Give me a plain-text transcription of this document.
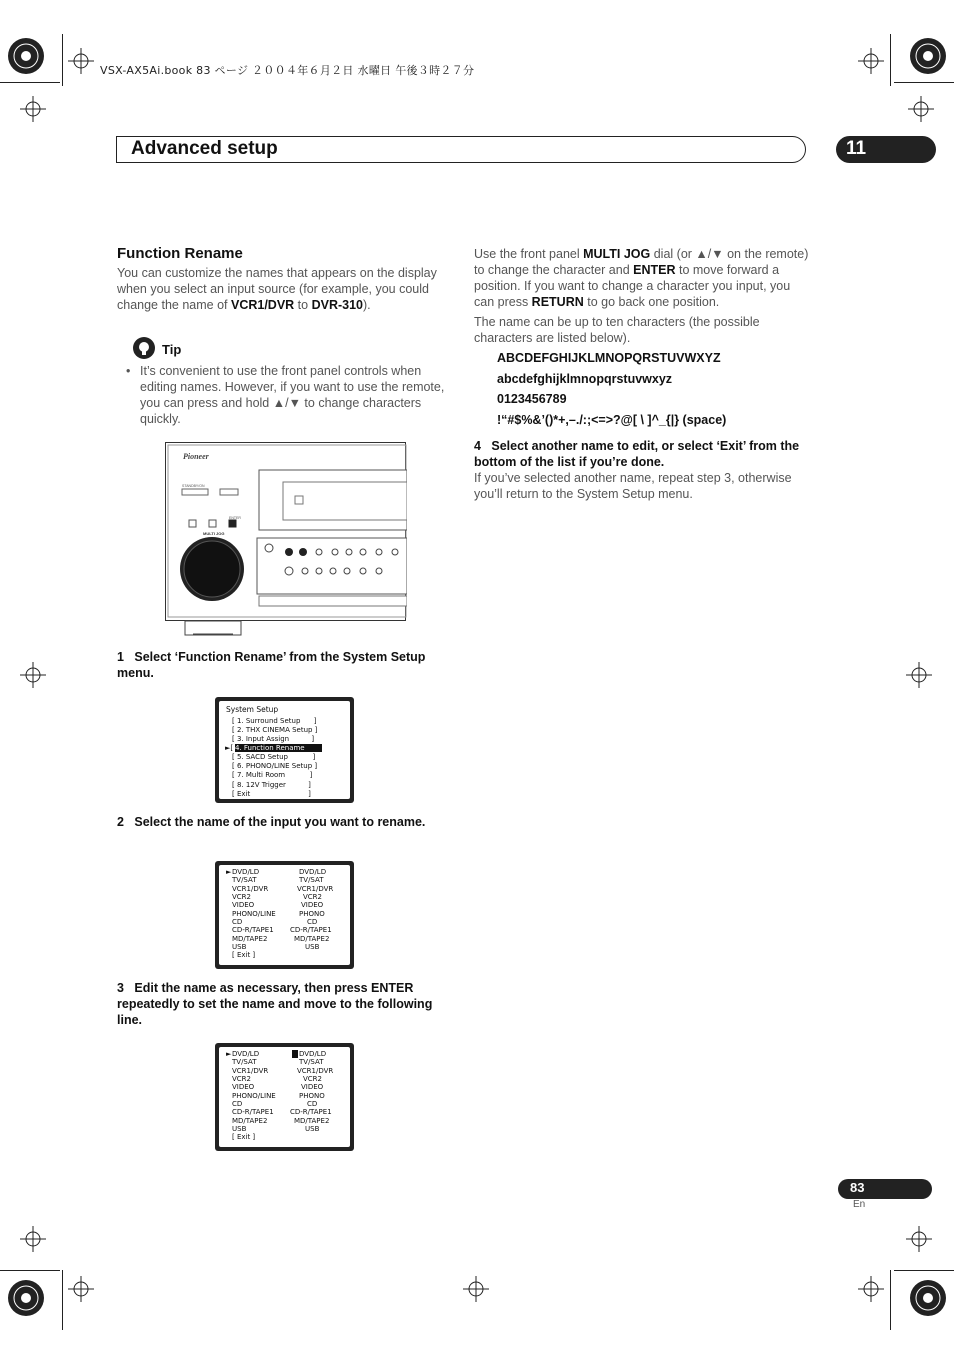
VSX-AX5Ai.book 83 ページ ２００４年６月２日 水曜日 午後３時２７分
Advanced setup	11
Function Rename
You can customize the names that appears on the display when you select an input source (for example, you could change the name of VCR1/DVR to DVR-310).
Tip
• It’s convenient to use the front panel controls when editing names. However, if you want to use the remote, you can press and hold ▲/▼ to change characters quickly.
Pioneer
STANDBY/ON
ENTER
MULTI JOG
1 Select ‘Function Rename’ from the System Setup menu.
System Setup
[ 1. Surround Setup      ]
[ 2. THX CINEMA Setup ]
[ 3. Input Assign          ]
►[ 4. Function Rename
[ 5. SACD Setup           ]
[ 6. PHONO/LINE Setup ]
[ 7. Multi Room           ]
[ 8. 12V Trigger          ]
[ Exit                          ]
2 Select the name of the input you want to rename.
► DVD/LD	DVD/LD
TV/SAT	TV/SAT
VCR1/DVR	VCR1/DVR
VCR2	VCR2
VIDEO	VIDEO
PHONO/LINE	PHONO
CD	CD
CD-R/TAPE1 CD-R/TAPE1
MD/TAPE2	MD/TAPE2
USB	USB
[ Exit ]
3 Edit the name as necessary, then press ENTER repeatedly to set the name and move to the following line.
► DVD/LD	DVD/LD
TV/SAT	TV/SAT
VCR1/DVR	VCR1/DVR
VCR2	VCR2
VIDEO	VIDEO
PHONO/LINE	PHONO
CD	CD
CD-R/TAPE1 CD-R/TAPE1
MD/TAPE2	MD/TAPE2
USB	USB
[ Exit ]
Use the front panel MULTI JOG dial (or ▲/▼ on the remote) to change the character and ENTER to move forward a position. If you want to change a character you input, you can press RETURN to go back one position.
The name can be up to ten characters (the possible characters are listed below).
ABCDEFGHIJKLMNOPQRSTUVWXYZ
abcdefghijklmnopqrstuvwxyz
0123456789
!“#$%&’()*+,–./:;<=>?@[ \ ]^_{|} (space)
4 Select another name to edit, or select ‘Exit’ from the bottom of the list if you’re done.
If you’ve selected another name, repeat step 3, otherwise you’ll return to the System Setup menu.
83
En
